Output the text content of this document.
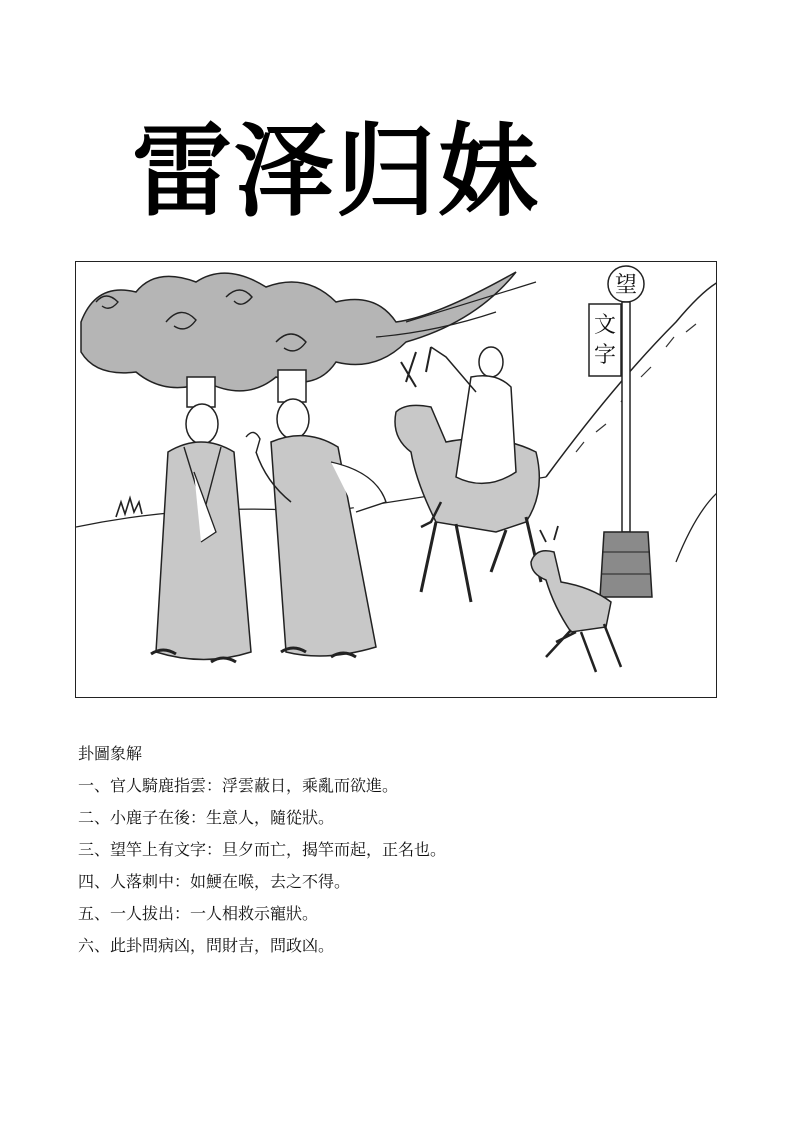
雷泽归妹
望
文
字
卦圖象解
一、官人騎鹿指雲：浮雲蔽日，乘亂而欲進。
二、小鹿子在後：生意人，隨從狀。
三、望竿上有文字：旦夕而亡，揭竿而起，正名也。
四、人落刺中：如鯁在喉，去之不得。
五、一人拔出：一人相救示寵狀。
六、此卦問病凶，問財吉，問政凶。
